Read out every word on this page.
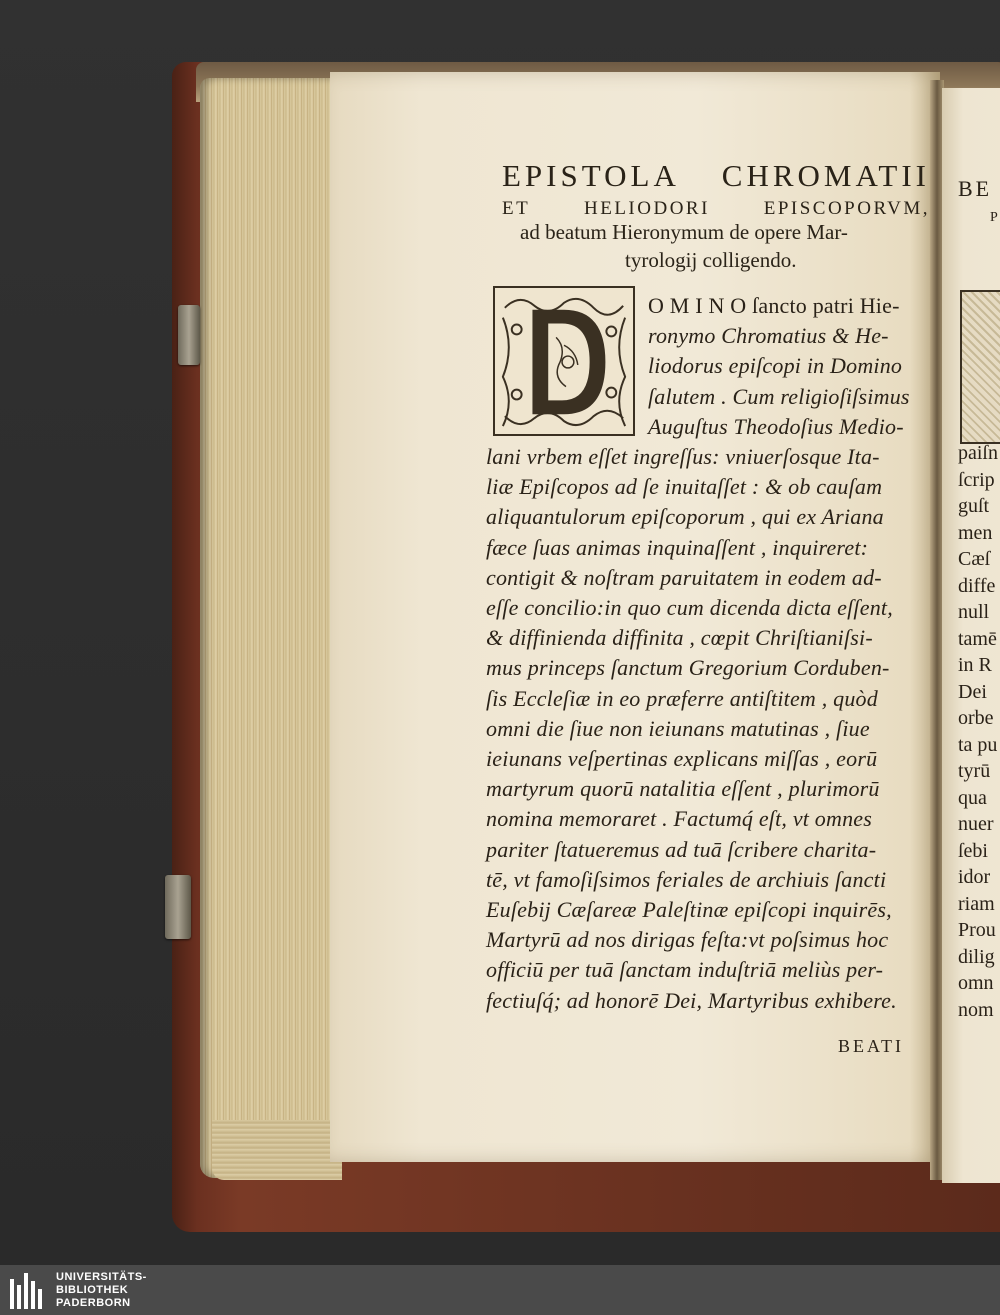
EPISTOLA CHROMATII
ET	HELIODORI	EPISCOPORVM,
ad beatum Hieronymum de opere Mar-
tyrologij colligendo.
O M I N O ſancto patri Hie-
ronymo Chromatius & He-
liodorus epiſcopi in Domino
ſalutem . Cum religioſiſsimus
Auguſtus Theodoſius Medio-
lani vrbem eſſet ingreſſus: vniuerſosque Ita-
liæ Epiſcopos ad ſe inuitaſſet : & ob cauſam
aliquantulorum epiſcoporum , qui ex Ariana
fæce ſuas animas inquinaſſent , inquireret:
contigit & noſtram paruitatem in eodem ad-
eſſe concilio:in quo cum dicenda dicta eſſent,
& diffinienda diffinita , cœpit Chriſtianiſsi-
mus princeps ſanctum Gregorium Corduben-
ſis Eccleſiæ in eo præferre antiſtitem , quòd
omni die ſiue non ieiunans matutinas , ſiue
ieiunans veſpertinas explicans miſſas , eorū
martyrum quorū natalitia eſſent , plurimorū
nomina memoraret . Factumq́ eſt, vt omnes
pariter ſtatueremus ad tuā ſcribere charita-
tē, vt famoſiſsimos feriales de archiuis ſancti
Euſebij Cæſareæ Paleſtinæ epiſcopi inquirēs,
Martyrū ad nos dirigas feſta:vt poſsimus hoc
officiū per tuā ſanctam induſtriā meliùs per-
fectiuſq́; ad honorē Dei, Martyribus exhibere.
BEATI
BE
P
paiſn
ſcrip
guſt
men
Cæſ
diffe
null
tamē
in R
Dei
orbe
ta pu
tyrū
qua
nuer
ſebi
idor
riam
Prou
dilig
omn
nom
UNIVERSITÄTS-
BIBLIOTHEK
PADERBORN
